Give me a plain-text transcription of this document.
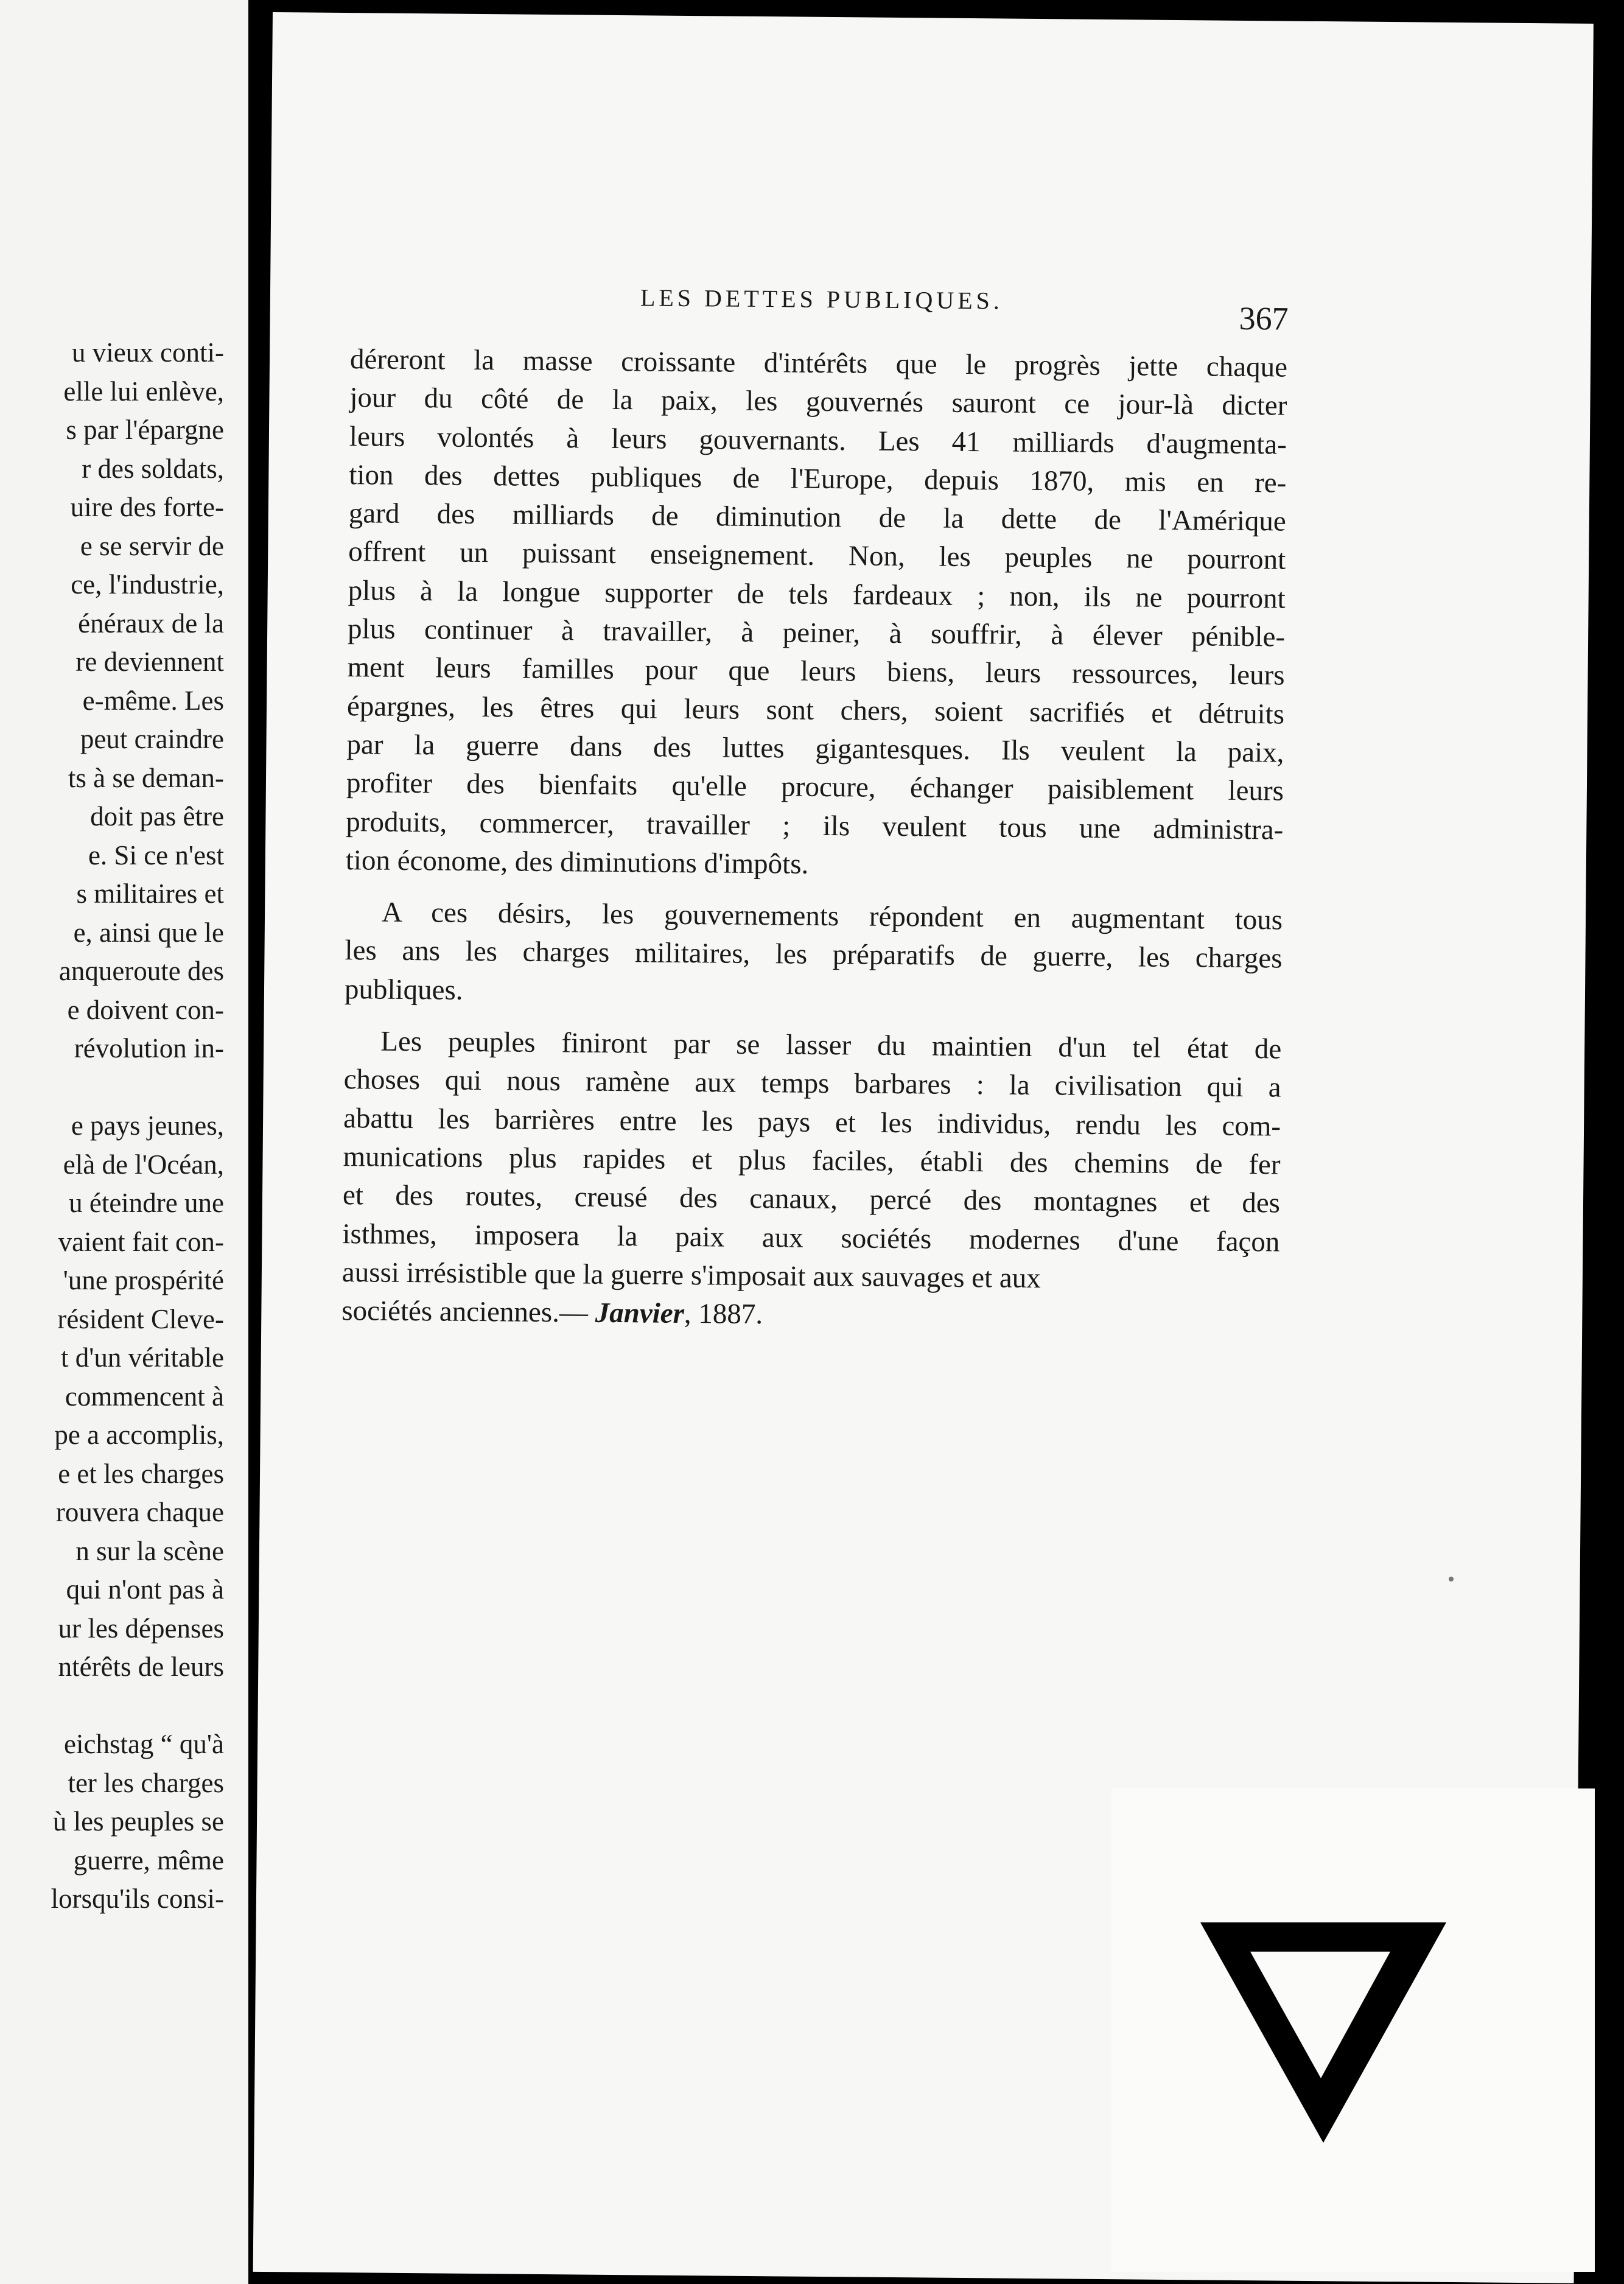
u vieux conti-
elle lui enlève,
s par l'épargne
r des soldats,
uire des forte-
e se servir de
ce, l'industrie,
énéraux de la
re deviennent
e-même. Les
peut craindre
ts à se deman-
doit pas être
e. Si ce n'est
s militaires et
e, ainsi que le
anqueroute des
e doivent con-
révolution in-
e pays jeunes,
elà de l'Océan,
u éteindre une
vaient fait con-
'une prospérité
résident Cleve-
t d'un véritable
commencent à
pe a accomplis,
e et les charges
rouvera chaque
n sur la scène
qui n'ont pas à
ur les dépenses
ntérêts de leurs
eichstag “ qu'à
ter les charges
ù les peuples se
guerre, même
lorsqu'ils consi-
LES DETTES PUBLIQUES.
367
déreront la masse croissante d'intérêts que le progrès jette chaque
jour du côté de la paix, les gouvernés sauront ce jour-là dicter
leurs volontés à leurs gouvernants. Les 41 milliards d'augmenta-
tion des dettes publiques de l'Europe, depuis 1870, mis en re-
gard des milliards de diminution de la dette de l'Amérique
offrent un puissant enseignement. Non, les peuples ne pourront
plus à la longue supporter de tels fardeaux ; non, ils ne pourront
plus continuer à travailler, à peiner, à souffrir, à élever pénible-
ment leurs familles pour que leurs biens, leurs ressources, leurs
épargnes, les êtres qui leurs sont chers, soient sacrifiés et détruits
par la guerre dans des luttes gigantesques. Ils veulent la paix,
profiter des bienfaits qu'elle procure, échanger paisiblement leurs
produits, commercer, travailler ; ils veulent tous une administra-
tion économe, des diminutions d'impôts.
A ces désirs, les gouvernements répondent en augmentant tous
les ans les charges militaires, les préparatifs de guerre, les charges
publiques.
Les peuples finiront par se lasser du maintien d'un tel état de
choses qui nous ramène aux temps barbares : la civilisation qui a
abattu les barrières entre les pays et les individus, rendu les com-
munications plus rapides et plus faciles, établi des chemins de fer
et des routes, creusé des canaux, percé des montagnes et des
isthmes, imposera la paix aux sociétés modernes d'une façon
aussi irrésistible que la guerre s'imposait aux sauvages et aux
sociétés anciennes.— Janvier, 1887.
